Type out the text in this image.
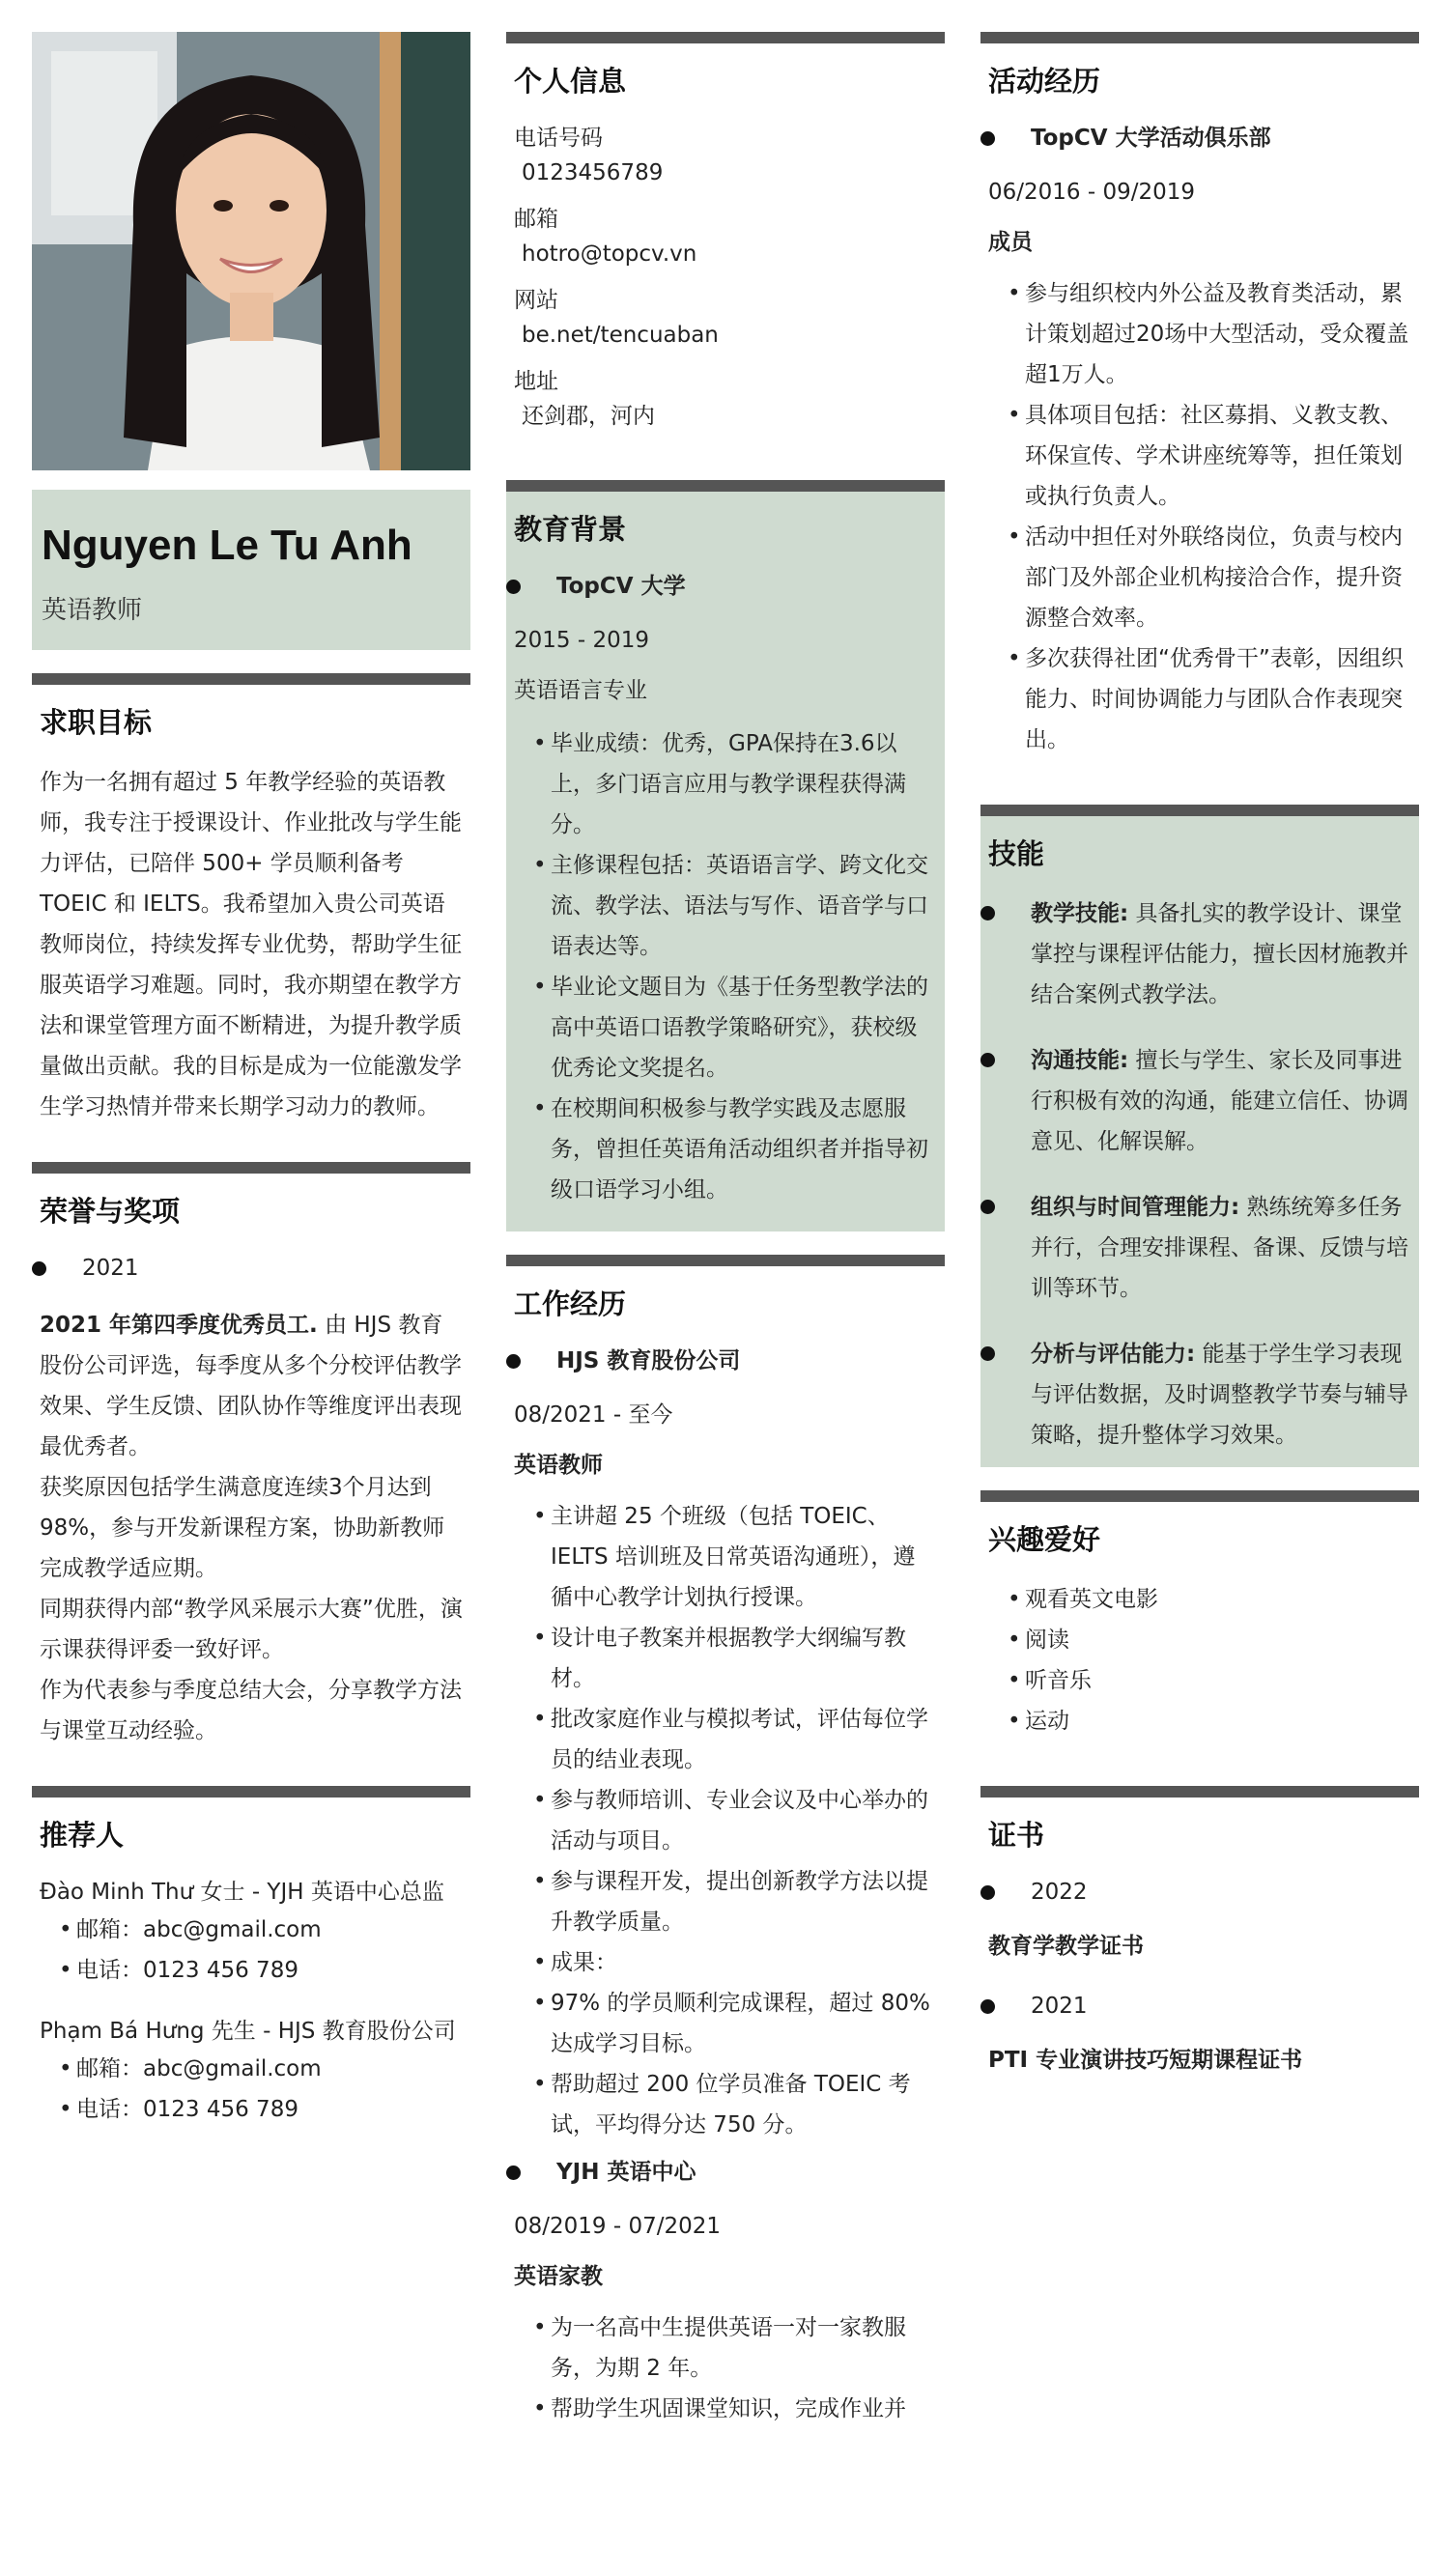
Nguyen Le Tu Anh
英语教师
求职目标
作为一名拥有超过 5 年教学经验的英语教师，我专注于授课设计、作业批改与学生能力评估，已陪伴 500+ 学员顺利备考 TOEIC 和 IELTS。我希望加入贵公司英语教师岗位，持续发挥专业优势，帮助学生征服英语学习难题。同时，我亦期望在教学方法和课堂管理方面不断精进，为提升教学质量做出贡献。我的目标是成为一位能激发学生学习热情并带来长期学习动力的教师。
荣誉与奖项
2021
2021 年第四季度优秀员工. 由 HJS 教育股份公司评选，每季度从多个分校评估教学效果、学生反馈、团队协作等维度评出表现最优秀者。
获奖原因包括学生满意度连续3个月达到98%，参与开发新课程方案，协助新教师完成教学适应期。
同期获得内部“教学风采展示大赛”优胜，演示课获得评委一致好评。
作为代表参与季度总结大会，分享教学方法与课堂互动经验。
推荐人
Đào Minh Thư 女士 - YJH 英语中心总监
• 邮箱：abc@gmail.com
• 电话：0123 456 789
Phạm Bá Hưng 先生 - HJS 教育股份公司
• 邮箱：abc@gmail.com
• 电话：0123 456 789
个人信息
电话号码
0123456789
邮箱
hotro@topcv.vn
网站
be.net/tencuaban
地址
还剑郡，河内
教育背景
TopCV 大学
2015 - 2019
英语语言专业
• 毕业成绩：优秀，GPA保持在3.6以上，多门语言应用与教学课程获得满分。
• 主修课程包括：英语语言学、跨文化交流、教学法、语法与写作、语音学与口语表达等。
• 毕业论文题目为《基于任务型教学法的高中英语口语教学策略研究》，获校级优秀论文奖提名。
• 在校期间积极参与教学实践及志愿服务，曾担任英语角活动组织者并指导初级口语学习小组。
工作经历
HJS 教育股份公司
08/2021 - 至今
英语教师
• 主讲超 25 个班级（包括 TOEIC、IELTS 培训班及日常英语沟通班），遵循中心教学计划执行授课。
• 设计电子教案并根据教学大纲编写教材。
• 批改家庭作业与模拟考试，评估每位学员的结业表现。
• 参与教师培训、专业会议及中心举办的活动与项目。
• 参与课程开发，提出创新教学方法以提升教学质量。
• 成果：
• 97% 的学员顺利完成课程，超过 80% 达成学习目标。
• 帮助超过 200 位学员准备 TOEIC 考试，平均得分达 750 分。
YJH 英语中心
08/2019 - 07/2021
英语家教
• 为一名高中生提供英语一对一家教服务，为期 2 年。
• 帮助学生巩固课堂知识，完成作业并
活动经历
TopCV 大学活动俱乐部
06/2016 - 09/2019
成员
• 参与组织校内外公益及教育类活动，累计策划超过20场中大型活动，受众覆盖超1万人。
• 具体项目包括：社区募捐、义教支教、环保宣传、学术讲座统筹等，担任策划或执行负责人。
• 活动中担任对外联络岗位，负责与校内部门及外部企业机构接洽合作，提升资源整合效率。
• 多次获得社团“优秀骨干”表彰，因组织能力、时间协调能力与团队合作表现突出。
技能
教学技能: 具备扎实的教学设计、课堂掌控与课程评估能力，擅长因材施教并结合案例式教学法。
沟通技能: 擅长与学生、家长及同事进行积极有效的沟通，能建立信任、协调意见、化解误解。
组织与时间管理能力: 熟练统筹多任务并行，合理安排课程、备课、反馈与培训等环节。
分析与评估能力: 能基于学生学习表现与评估数据，及时调整教学节奏与辅导策略，提升整体学习效果。
兴趣爱好
• 观看英文电影
• 阅读
• 听音乐
• 运动
证书
2022
教育学教学证书
2021
PTI 专业演讲技巧短期课程证书
